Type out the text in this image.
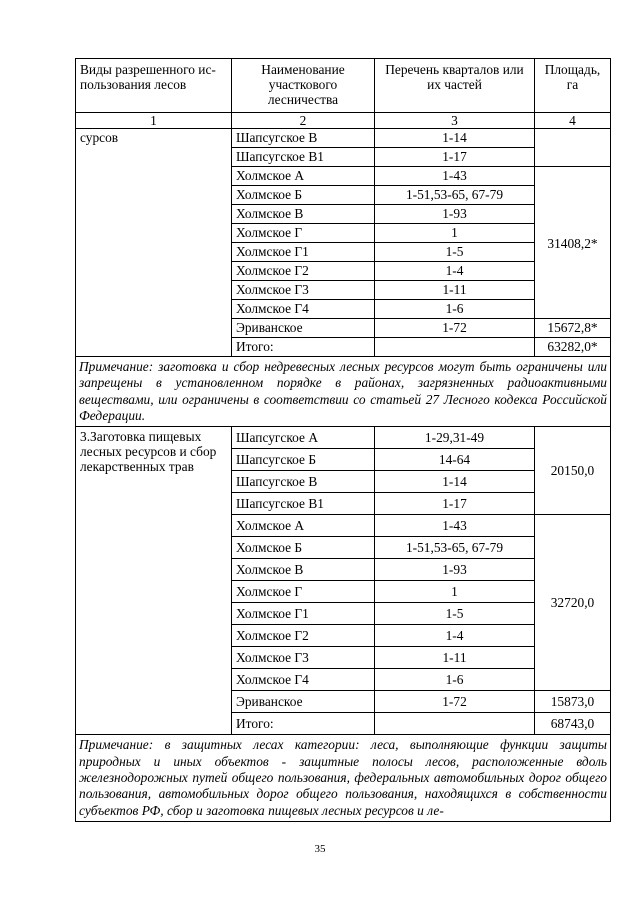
Виды разрешенного ис-пользования лесов	Наименование участкового лесничества	Перечень кварталов или их частей	Площадь, га
1	2	3	4
сурсов	Шапсугское В	1-14	
	Шапсугское В1	1-17	
	Холмское А	1-43	31408,2*
	Холмское Б	1-51,53-65, 67-79	
	Холмское В	1-93	
	Холмское Г	1	
	Холмское Г1	1-5	
	Холмское Г2	1-4	
	Холмское Г3	1-11	
	Холмское Г4	1-6	
	Эриванское	1-72	15672,8*
	Итого:		63282,0*
Примечание: заготовка и сбор недревесных лесных ресурсов могут быть ограничены или запрещены в установленном порядке в районах, загрязненных радиоактивными веществами, или ограничены в соответствии со статьей 27 Лесного кодекса Российской Федерации.			
3.Заготовка пищевых лесных ресурсов и сбор лекарственных трав	Шапсугское А	1-29,31-49	20150,0
	Шапсугское Б	14-64	
	Шапсугское В	1-14	
	Шапсугское В1	1-17	
	Холмское А	1-43	32720,0
	Холмское Б	1-51,53-65, 67-79	
	Холмское В	1-93	
	Холмское Г	1	
	Холмское Г1	1-5	
	Холмское Г2	1-4	
	Холмское Г3	1-11	
	Холмское Г4	1-6	
	Эриванское	1-72	15873,0
	Итого:		68743,0
Примечание: в защитных лесах категории: леса, выполняющие функции защиты природных и иных объектов - защитные полосы лесов, расположенные вдоль железнодорожных путей общего пользования, федеральных автомобильных дорог общего пользования, автомобильных дорог общего пользования, находящихся в собственности субъектов РФ, сбор и заготовка пищевых лесных ресурсов и ле-			
35
